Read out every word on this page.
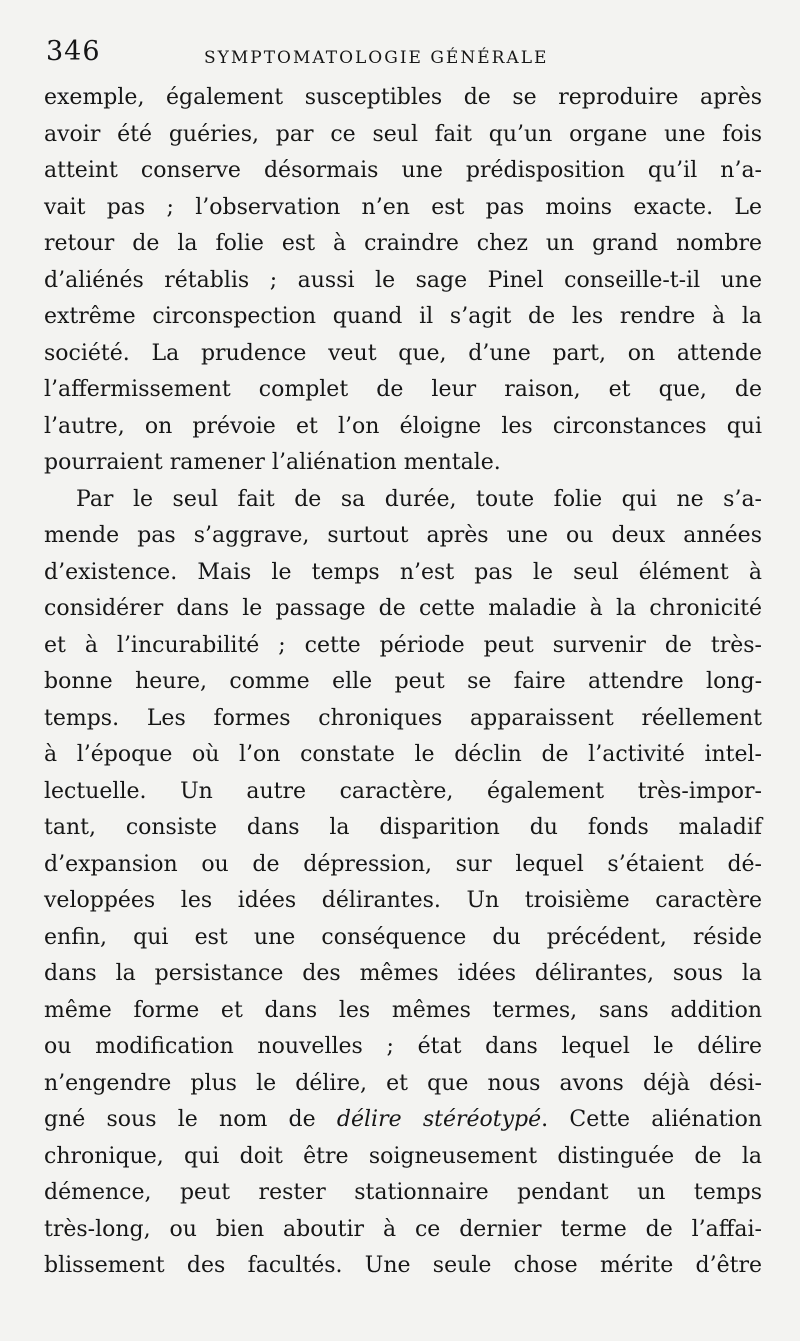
346	SYMPTOMATOLOGIE GÉNÉRALE

exemple, également susceptibles de se reproduire après

avoir été guéries, par ce seul fait qu’un organe une fois

atteint conserve désormais une prédisposition qu’il n’a-

vait pas ; l’observation n’en est pas moins exacte. Le

retour de la folie est à craindre chez un grand nombre

d’aliénés rétablis ; aussi le sage Pinel conseille-t-il une

extrême circonspection quand il s’agit de les rendre à la

société. La prudence veut que, d’une part, on attende

l’affermissement complet de leur raison, et que, de

l’autre, on prévoie et l’on éloigne les circonstances qui

pourraient ramener l’aliénation mentale.

Par le seul fait de sa durée, toute folie qui ne s’a-

mende pas s’aggrave, surtout après une ou deux années

d’existence. Mais le temps n’est pas le seul élément à

considérer dans le passage de cette maladie à la chronicité

et à l’incurabilité ; cette période peut survenir de très-

bonne heure, comme elle peut se faire attendre long-

temps. Les formes chroniques apparaissent réellement

à l’époque où l’on constate le déclin de l’activité intel-

lectuelle. Un autre caractère, également très-impor-

tant, consiste dans la disparition du fonds maladif

d’expansion ou de dépression, sur lequel s’étaient dé-

veloppées les idées délirantes. Un troisième caractère

enfin, qui est une conséquence du précédent, réside

dans la persistance des mêmes idées délirantes, sous la

même forme et dans les mêmes termes, sans addition

ou modification nouvelles ; état dans lequel le délire

n’engendre plus le délire, et que nous avons déjà dési-

gné sous le nom de délire stéréotypé. Cette aliénation

chronique, qui doit être soigneusement distinguée de la

démence, peut rester stationnaire pendant un temps

très-long, ou bien aboutir à ce dernier terme de l’affai-

blissement des facultés. Une seule chose mérite d’être
